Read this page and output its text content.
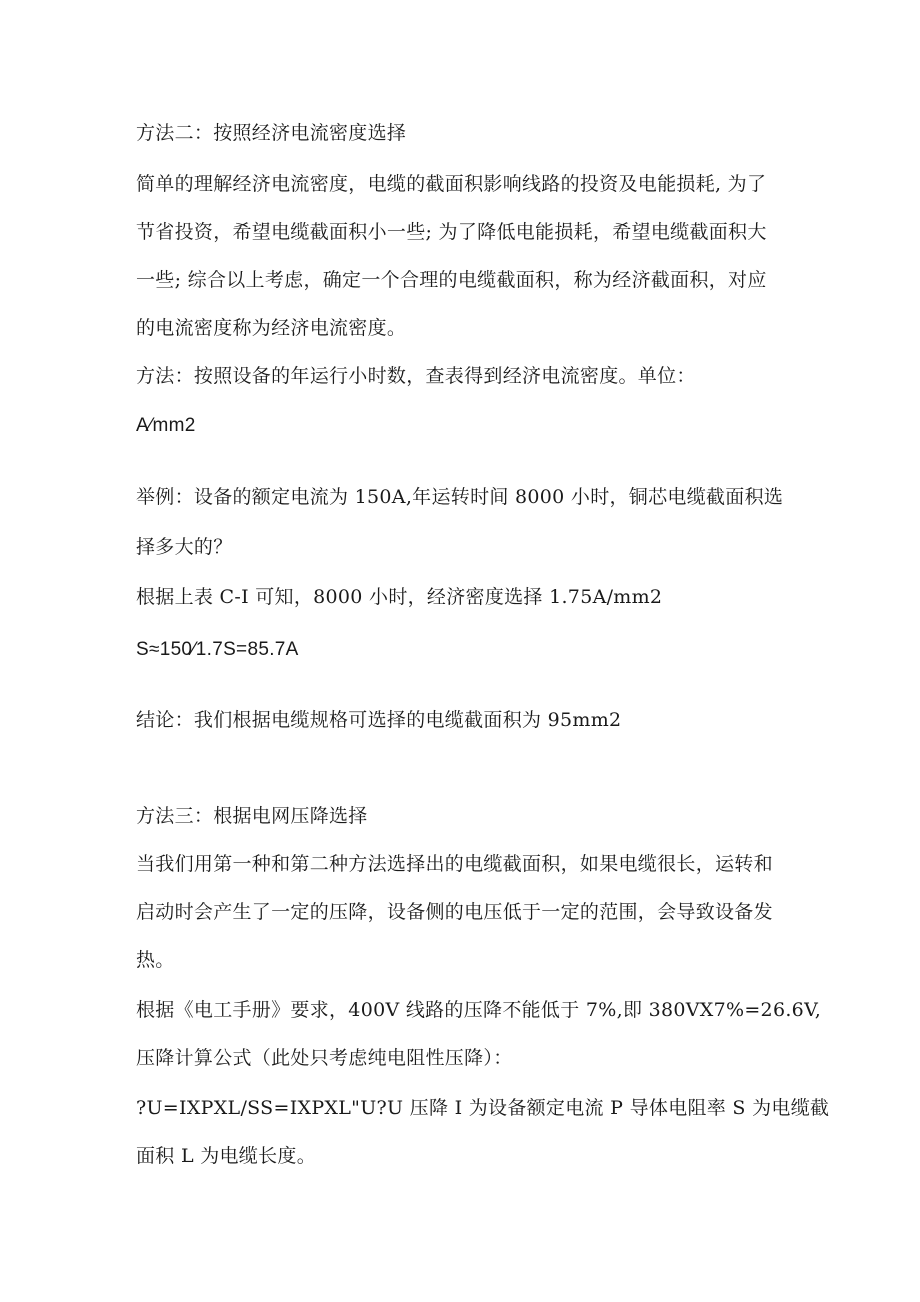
方法二：按照经济电流密度选择
简单的理解经济电流密度，电缆的截面积影响线路的投资及电能损耗, 为了
节省投资，希望电缆截面积小一些; 为了降低电能损耗，希望电缆截面积大
一些; 综合以上考虑，确定一个合理的电缆截面积，称为经济截面积，对应
的电流密度称为经济电流密度。
方法：按照设备的年运行小时数，查表得到经济电流密度。单位：
A⁄mm2
举例：设备的额定电流为 150A,年运转时间 8000 小时，铜芯电缆截面积选
择多大的？
根据上表 C-I 可知，8000 小时，经济密度选择 1.75A/mm2
S≈150⁄1.7S=85.7A
结论：我们根据电缆规格可选择的电缆截面积为 95mm2
方法三：根据电网压降选择
当我们用第一种和第二种方法选择出的电缆截面积，如果电缆很长，运转和
启动时会产生了一定的压降，设备侧的电压低于一定的范围，会导致设备发
热。
根据《电工手册》要求，400V 线路的压降不能低于 7%,即 380VX7%=26.6V,
压降计算公式（此处只考虑纯电阻性压降）：
?U=IXPXL/SS=IXPXL"U?U 压降 I 为设备额定电流 P 导体电阻率 S 为电缆截
面积 L 为电缆长度。
